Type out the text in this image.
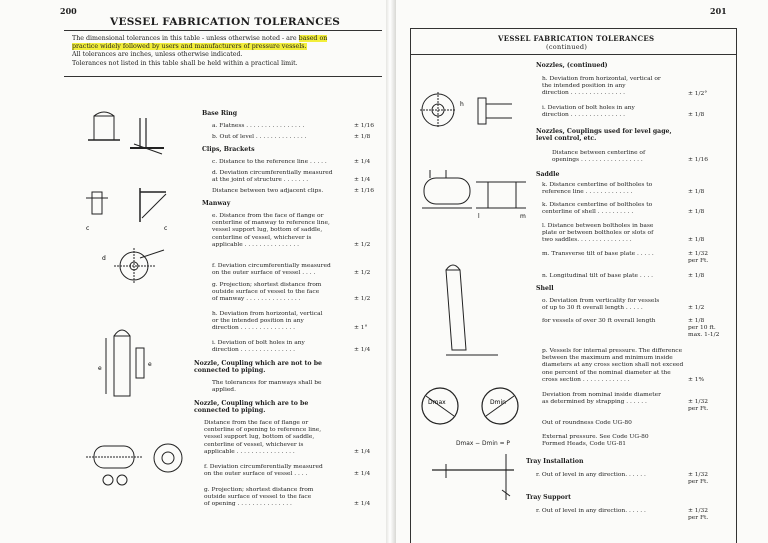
200
VESSEL FABRICATION TOLERANCES
The dimensional tolerances in this table - unless otherwise noted - are based on
practice widely followed by users and manufacturers of pressure vessels.
All tolerances are inches, unless otherwise indicated.
Tolerances not listed in this table shall be held within a practical limit.
c	c
d
e
e
Base Ring
a. Flatness . . . . . . . . . . . . . . . .	± 1/16
b. Out of level . . . . . . . . . . . . . .	± 1/8
Clips, Brackets
c. Distance to the reference line . . . . .	± 1/4
d. Deviation circumferentially measured
at the joint of structure . . . . . . .	± 1/4
Distance between two adjacent clips.	± 1/16
Manway
e. Distance from the face of flange or
centerline of manway to reference line,
vessel support lug, bottom of saddle,
centerline of vessel, whichever is
applicable . . . . . . . . . . . . . . .	± 1/2
f. Deviation circumferentially measured
on the outer surface of vessel . . . .	± 1/2
g. Projection; shortest distance from
outside surface of vessel to the face
of manway . . . . . . . . . . . . . . .	± 1/2
h. Deviation from horizontal, vertical
or the intended position in any
direction . . . . . . . . . . . . . . .	± 1°
i. Deviation of bolt holes in any
direction . . . . . . . . . . . . . . .	± 1/4
Nozzle, Coupling which are not to be
connected to piping.
The tolerances for manways shall be
applied.
Nozzle, Coupling which are to be
connected to piping.
Distance from the face of flange or
centerline of opening to reference line,
vessel support lug, bottom of saddle,
centerline of vessel, whichever is
applicable . . . . . . . . . . . . . . . .	± 1/4
f. Deviation circumferentially measured
on the outer surface of vessel . . . .	± 1/4
g. Projection; shortest distance from
outside surface of vessel to the face
of opening . . . . . . . . . . . . . . .	± 1/4
201
VESSEL FABRICATION TOLERANCES
(continued)
h
l	m
Dmax	Dmin
Dmax − Dmin = P
Nozzles, (continued)
h. Deviation from horizontal, vertical or
the intended position in any
direction . . . . . . . . . . . . . . .	± 1/2°
i. Deviation of bolt holes in any
direction . . . . . . . . . . . . . . .	± 1/8
Nozzles, Couplings used for level gage,
level control, etc.
Distance between centerline of
openings . . . . . . . . . . . . . . . . .	± 1/16
Saddle
k. Distance centerline of boltholes to
reference line . . . . . . . . . . . . .	± 1/8
k. Distance centerline of boltholes to
centerline of shell . . . . . . . . . .	± 1/8
l. Distance between boltholes in base
plate or between boltholes or slots of
two saddles. . . . . . . . . . . . . . .	± 1/8
m. Transverse tilt of base plate . . . . .	± 1/32
per Ft.
n. Longitudinal tilt of base plate . . . .	± 1/8
Shell
o. Deviation from verticality for vessels
of up to 30 ft overall length . . . . .	± 1/2
for vessels of over 30 ft overall length	± 1/8
per 10 ft.
max. 1-1/2
p. Vessels for internal pressure. The difference
between the maximum and minimum inside
diameters at any cross section shall not exceed
one percent of the nominal diameter at the
cross section . . . . . . . . . . . . .	± 1%
Deviation from nominal inside diameter
as determined by strapping . . . . . .	± 1/32
per Ft.
Out of roundness Code UG-80
External pressure. See Code UG-80
Formed Heads, Code UG-81
Tray Installation
r. Out of level in any direction. . . . . .	± 1/32
per Ft.
Tray Support
r. Out of level in any direction. . . . . .	± 1/32
per Ft.
